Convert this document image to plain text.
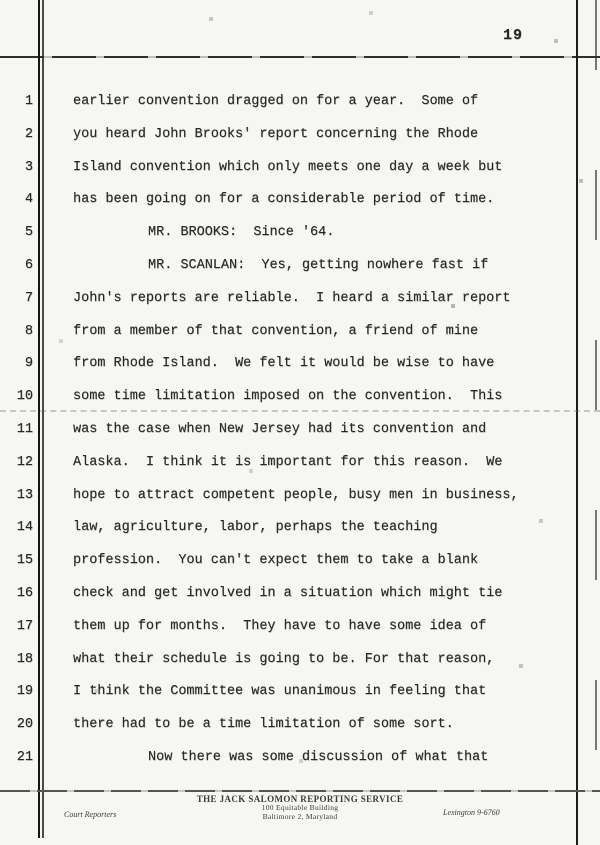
19
1	earlier convention dragged on for a year.  Some of
2	you heard John Brooks' report concerning the Rhode
3	Island convention which only meets one day a week but
4	has been going on for a considerable period of time.
5	MR. BROOKS:  Since '64.
6	MR. SCANLAN:  Yes, getting nowhere fast if
7	John's reports are reliable.  I heard a similar report
8	from a member of that convention, a friend of mine
9	from Rhode Island.  We felt it would be wise to have
10	some time limitation imposed on the convention.  This
11	was the case when New Jersey had its convention and
12	Alaska.  I think it is important for this reason.  We
13	hope to attract competent people, busy men in business,
14	law, agriculture, labor, perhaps the teaching
15	profession.  You can't expect them to take a blank
16	check and get involved in a situation which might tie
17	them up for months.  They have to have some idea of
18	what their schedule is going to be. For that reason,
19	I think the Committee was unanimous in feeling that
20	there had to be a time limitation of some sort.
21	Now there was some discussion of what that
THE JACK SALOMON REPORTING SERVICE
100 Equitable Building
Baltimore 2, Maryland
Court Reporters	Lexington 9-6760
